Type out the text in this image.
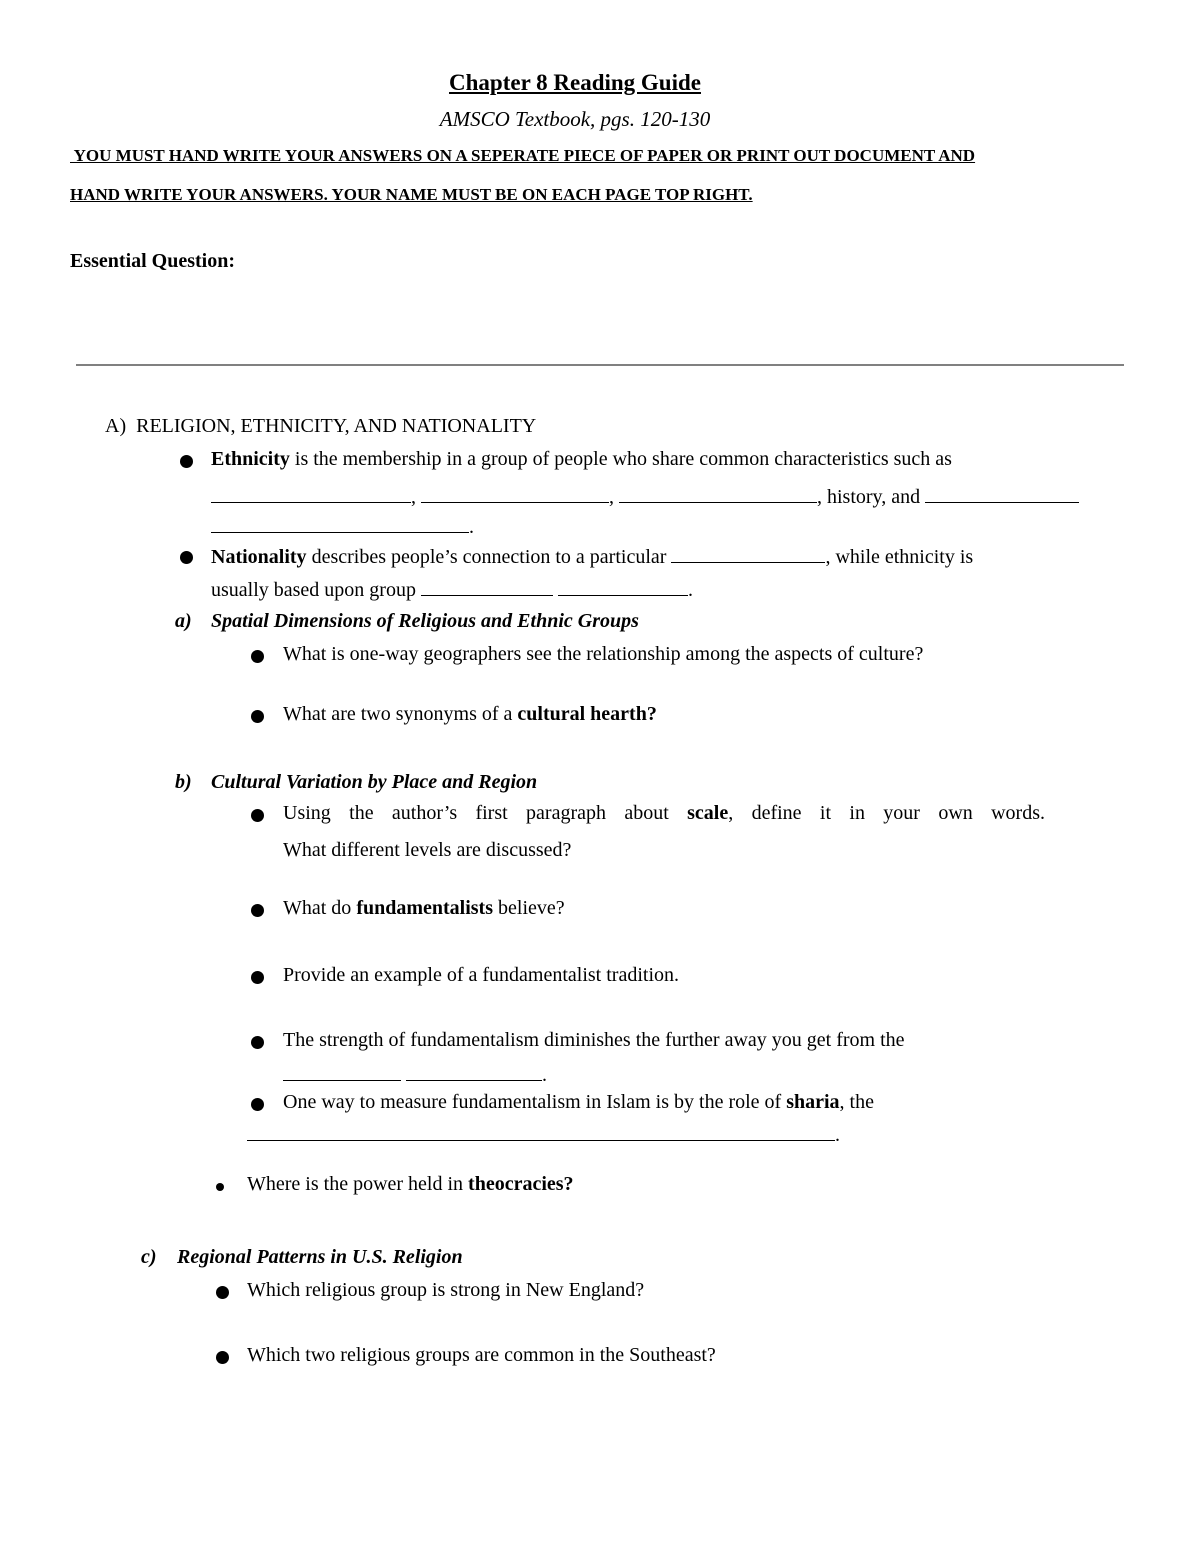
Chapter 8 Reading Guide
AMSCO Textbook, pgs. 120-130
YOU MUST HAND WRITE YOUR ANSWERS ON A SEPERATE PIECE OF PAPER OR PRINT OUT DOCUMENT AND
HAND WRITE YOUR ANSWERS. YOUR NAME MUST BE ON EACH PAGE TOP RIGHT.
Essential Question:
A)  RELIGION, ETHNICITY, AND NATIONALITY
Ethnicity is the membership in a group of people who share common characteristics such as
,	,	, history, and
.
Nationality describes people’s connection to a particular	, while ethnicity is
usually based upon group	.
a) Spatial Dimensions of Religious and Ethnic Groups
What is one-way geographers see the relationship among the aspects of culture?
What are two synonyms of a cultural hearth?
b) Cultural Variation by Place and Region
Using the author’s first paragraph about scale, define it in your own words.
What different levels are discussed?
What do fundamentalists believe?
Provide an example of a fundamentalist tradition.
The strength of fundamentalism diminishes the further away you get from the
.
One way to measure fundamentalism in Islam is by the role of sharia, the
.
Where is the power held in theocracies?
c) Regional Patterns in U.S. Religion
Which religious group is strong in New England?
Which two religious groups are common in the Southeast?
